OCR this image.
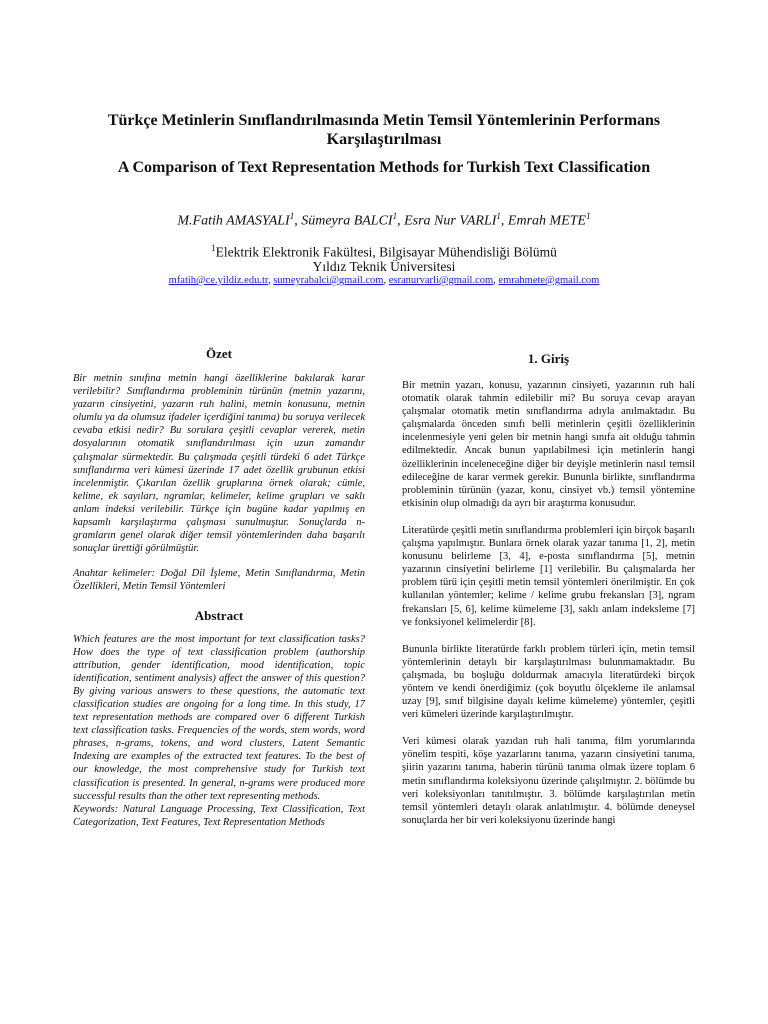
Türkçe Metinlerin Sınıflandırılmasında Metin Temsil Yöntemlerinin Performans Karşılaştırılması
A Comparison of Text Representation Methods for Turkish Text Classification
M.Fatih AMASYALI$^1$, Sümeyra BALCI$^1$, Esra Nur VARLI$^1$, Emrah METE$^1$
$^1$Elektrik Elektronik Fakültesi, Bilgisayar Mühendisliği Bölümü
Yıldız Teknik Üniversitesi
mfatih@ce.yildiz.edu.tr, sumeyrabalci@gmail.com, esranurvarli@gmail.com, emrahmete@gmail.com
Özet

Bir metnin sınıfına metnin hangi özelliklerine bakılarak karar verilebilir? Sınıflandırma probleminin türünün (metnin yazarını, yazarın cinsiyetini, yazarın ruh halini, metnin konusunu, metnin olumlu ya da olumsuz ifadeler içerdiğini tanıma) bu soruya verilecek cevaba etkisi nedir? Bu sorulara çeşitli cevaplar vererek, metin dosyalarının otomatik sınıflandırılması için uzun zamandır çalışmalar sürmektedir. Bu çalışmada çeşitli türdeki 6 adet Türkçe sınıflandırma veri kümesi üzerinde 17 adet özellik grubunun etkisi incelenmiştir. Çıkarılan özellik gruplarına örnek olarak; cümle, kelime, ek sayıları, ngramlar, kelimeler, kelime grupları ve saklı anlam indeksi verilebilir. Türkçe için bugüne kadar yapılmış en kapsamlı karşılaştırma çalışması sunulmuştur. Sonuçlarda n-gramların genel olarak diğer temsil yöntemlerinden daha başarılı sonuçlar ürettiği görülmüştür.

Anahtar kelimeler: Doğal Dil İşleme, Metin Sınıflandırma, Metin Özellikleri, Metin Temsil Yöntemleri

Abstract

Which features are the most important for text classification tasks? How does the type of text classification problem (authorship attribution, gender identification, mood identification, topic identification, sentiment analysis) affect the answer of this question? By giving various answers to these questions, the automatic text classification studies are ongoing for a long time. In this study, 17 text representation methods are compared over 6 different Turkish text classification tasks. Frequencies of the words, stem words, word phrases, n-grams, tokens, and word clusters, Latent Semantic Indexing are examples of the extracted text features. To the best of our knowledge, the most comprehensive study for Turkish text classification is presented. In general, n-grams were produced more successful results than the other text representing methods.

Keywords: Natural Language Processing, Text Classification, Text Categorization, Text Features, Text Representation Methods

1. Giriş

Bir metnin yazarı, konusu, yazarının cinsiyeti, yazarının ruh hali otomatik olarak tahmin edilebilir mi? Bu soruya cevap arayan çalışmalar otomatik metin sınıflandırma adıyla anılmaktadır. Bu çalışmalarda önceden sınıfı belli metinlerin çeşitli özelliklerinin incelenmesiyle yeni gelen bir metnin hangi sınıfa ait olduğu tahmin edilmektedir. Ancak bunun yapılabilmesi için metinlerin hangi özelliklerinin inceleneceğine diğer bir deyişle metinlerin nasıl temsil edileceğine de karar vermek gerekir. Bununla birlikte, sınıflandırma probleminin türünün (yazar, konu, cinsiyet vb.) temsil yöntemine etkisinin olup olmadığı da ayrı bir araştırma konusudur.

Literatürde çeşitli metin sınıflandırma problemleri için birçok başarılı çalışma yapılmıştır. Bunlara örnek olarak yazar tanıma [1, 2], metin konusunu belirleme [3, 4], e-posta sınıflandırma [5], metnin yazarının cinsiyetini belirleme [1] verilebilir. Bu çalışmalarda her problem türü için çeşitli metin temsil yöntemleri önerilmiştir. En çok kullanılan yöntemler; kelime / kelime grubu frekansları [3], ngram frekansları [5, 6], kelime kümeleme [3], saklı anlam indeksleme [7] ve fonksiyonel kelimelerdir [8].

Bununla birlikte literatürde farklı problem türleri için, metin temsil yöntemlerinin detaylı bir karşılaştırılması bulunmamaktadır. Bu çalışmada, bu boşluğu doldurmak amacıyla literatürdeki birçok yöntem ve kendi önerdiğimiz (çok boyutlu ölçekleme ile anlamsal uzay [9], sınıf bilgisine dayalı kelime kümeleme) yöntemler, çeşitli veri kümeleri üzerinde karşılaştırılmıştır.

Veri kümesi olarak yazıdan ruh hali tanıma, film yorumlarında yönelim tespiti, köşe yazarlarını tanıma, yazarın cinsiyetini tanıma, şiirin yazarını tanıma, haberin türünü tanıma olmak üzere toplam 6 metin sınıflandırma koleksiyonu üzerinde çalışılmıştır. 2. bölümde bu veri koleksiyonları tanıtılmıştır. 3. bölümde karşılaştırılan metin temsil yöntemleri detaylı olarak anlatılmıştır. 4. bölümde deneysel sonuçlarda her bir veri koleksiyonu üzerinde hangi
